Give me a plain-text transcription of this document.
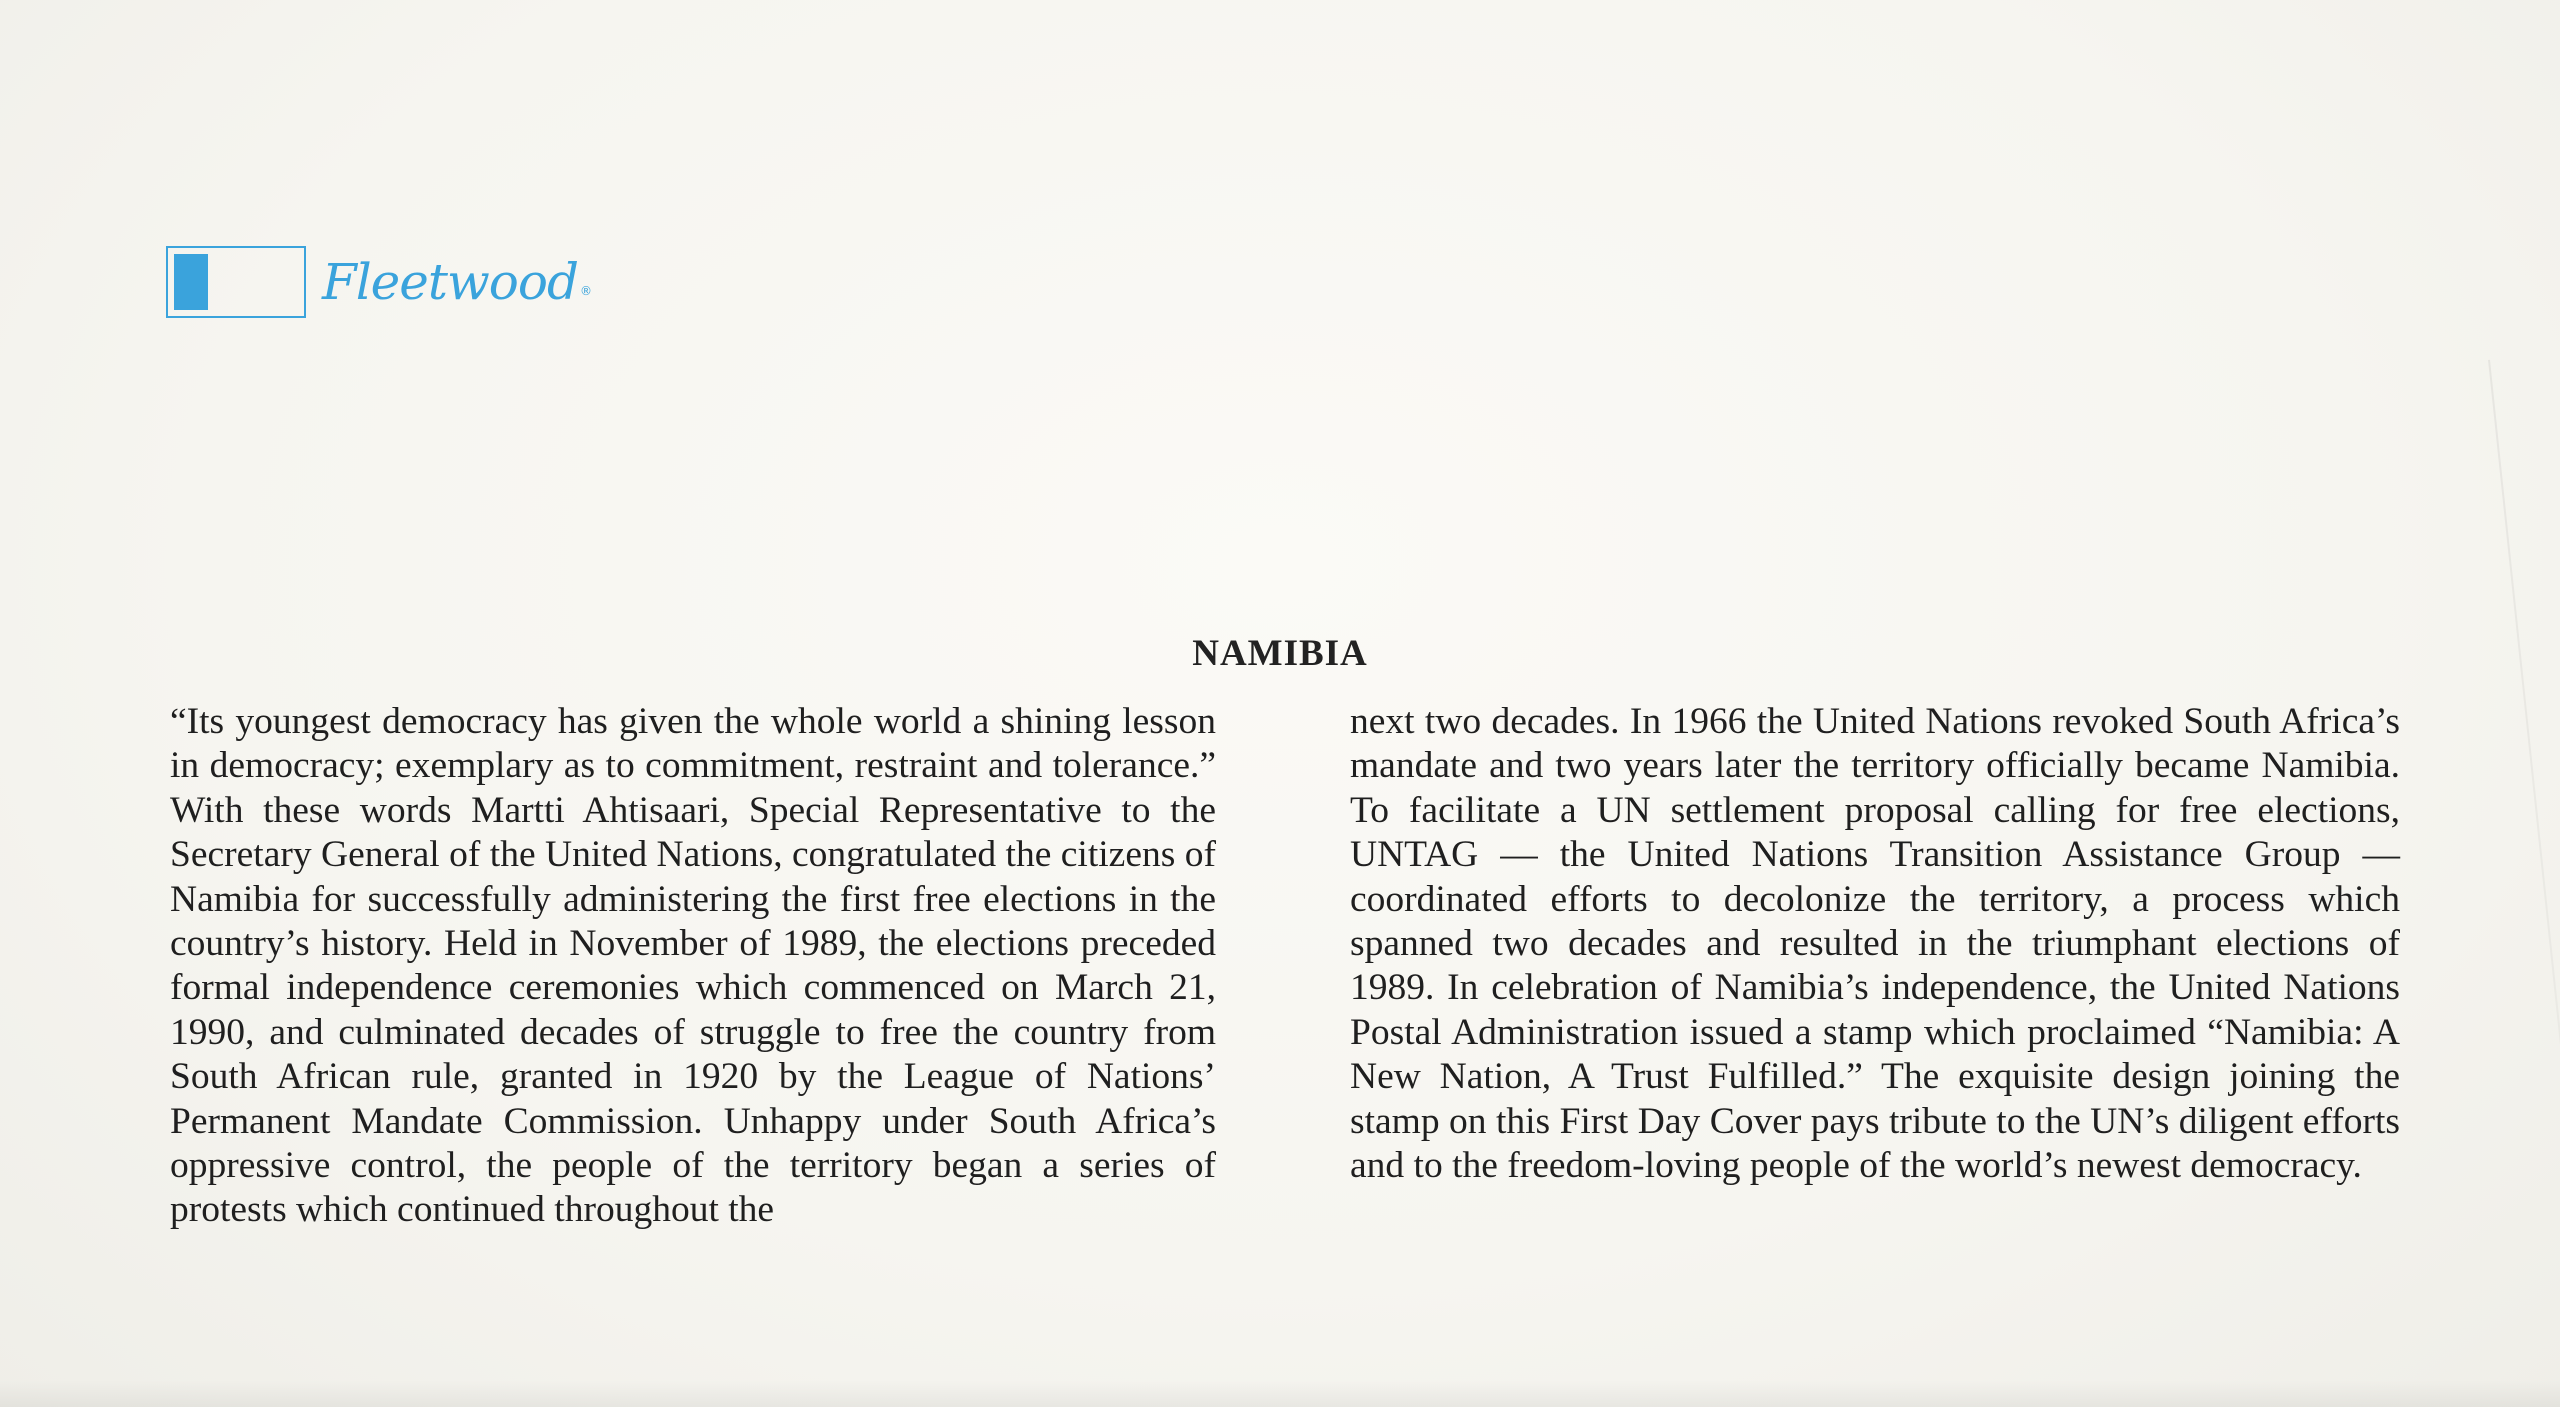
Fleetwood ®
NAMIBIA

“Its youngest democracy has given the whole world a shining lesson in democracy; exemplary as to commitment, restraint and tolerance.” With these words Martti Ahtisaari, Special Representative to the Secretary General of the United Nations, congratulated the citizens of Namibia for successfully administering the first free elections in the country’s history. Held in November of 1989, the elections preceded formal independence ceremonies which commenced on March 21, 1990, and culminated decades of struggle to free the country from South African rule, granted in 1920 by the League of Nations’ Permanent Mandate Commission. Unhappy under South Africa’s oppressive control, the people of the territory began a series of protests which continued throughout the

next two decades. In 1966 the United Nations revoked South Africa’s mandate and two years later the territory officially became Namibia. To facilitate a UN settlement proposal calling for free elections, UNTAG — the United Nations Transition Assistance Group — coordinated efforts to decolonize the territory, a process which spanned two decades and resulted in the triumphant elections of 1989. In celebration of Namibia’s independence, the United Nations Postal Administration issued a stamp which proclaimed “Namibia: A New Nation, A Trust Fulfilled.” The exquisite design joining the stamp on this First Day Cover pays tribute to the UN’s diligent efforts and to the freedom-loving people of the world’s newest democracy.
